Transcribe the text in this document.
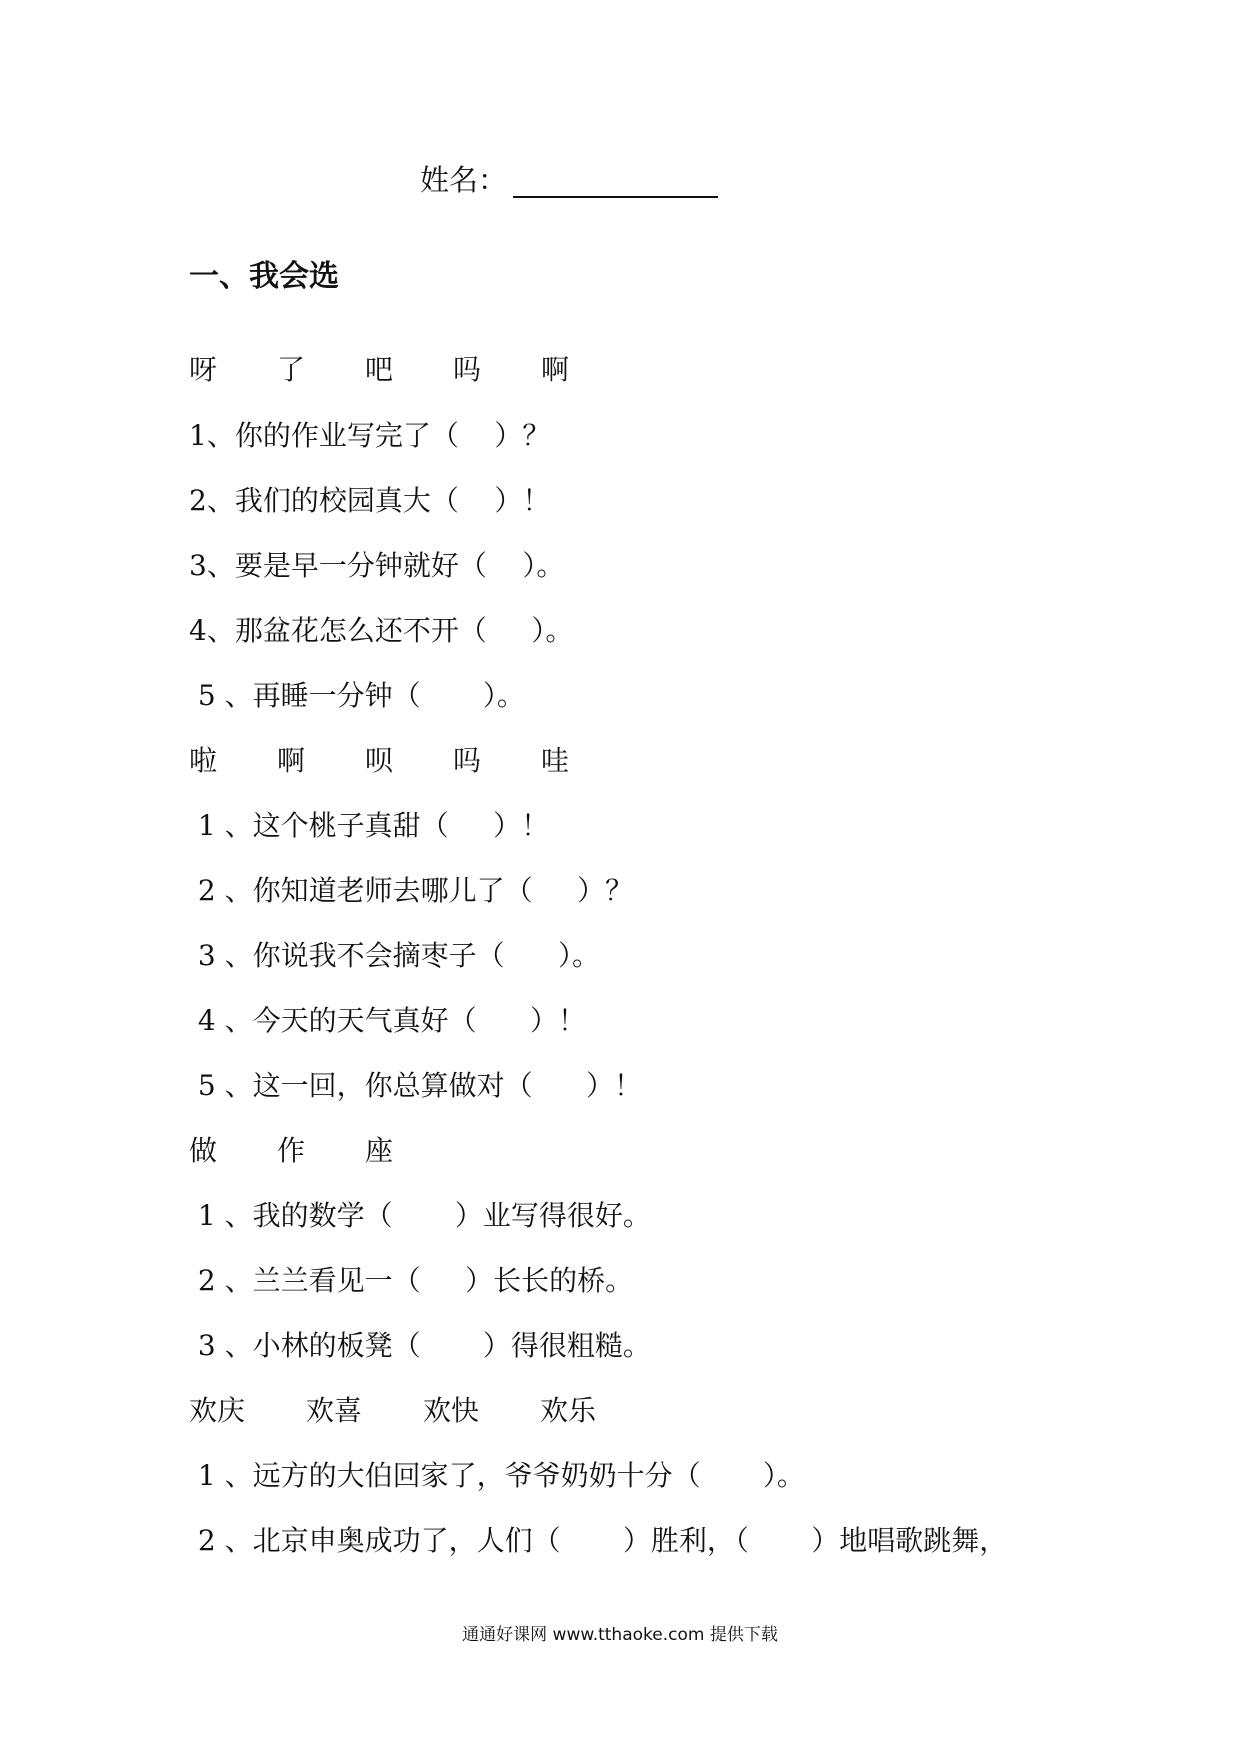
姓名：
一、我会选
呀	了	吧	吗	啊
1、你的作业写完了（    ）？
2、我们的校园真大（    ）！
3、要是早一分钟就好（    ）。
4、那盆花怎么还不开（     ）。
5 、再睡一分钟（       ）。
啦	啊	呗	吗	哇
1 、这个桃子真甜（     ）！
2 、你知道老师去哪儿了（     ）？
3 、你说我不会摘枣子（      ）。
4 、今天的天气真好（      ）！
5 、这一回，你总算做对（      ）！
做	作	座
1 、我的数学（       ）业写得很好。
2 、兰兰看见一（     ）长长的桥。
3 、小林的板凳（       ）得很粗糙。
欢庆	欢喜	欢快	欢乐
1 、远方的大伯回家了，爷爷奶奶十分（       ）。
2 、北京申奥成功了，人们（       ）胜利，（       ）地唱歌跳舞，
通通好课网 www.tthaoke.com 提供下载
